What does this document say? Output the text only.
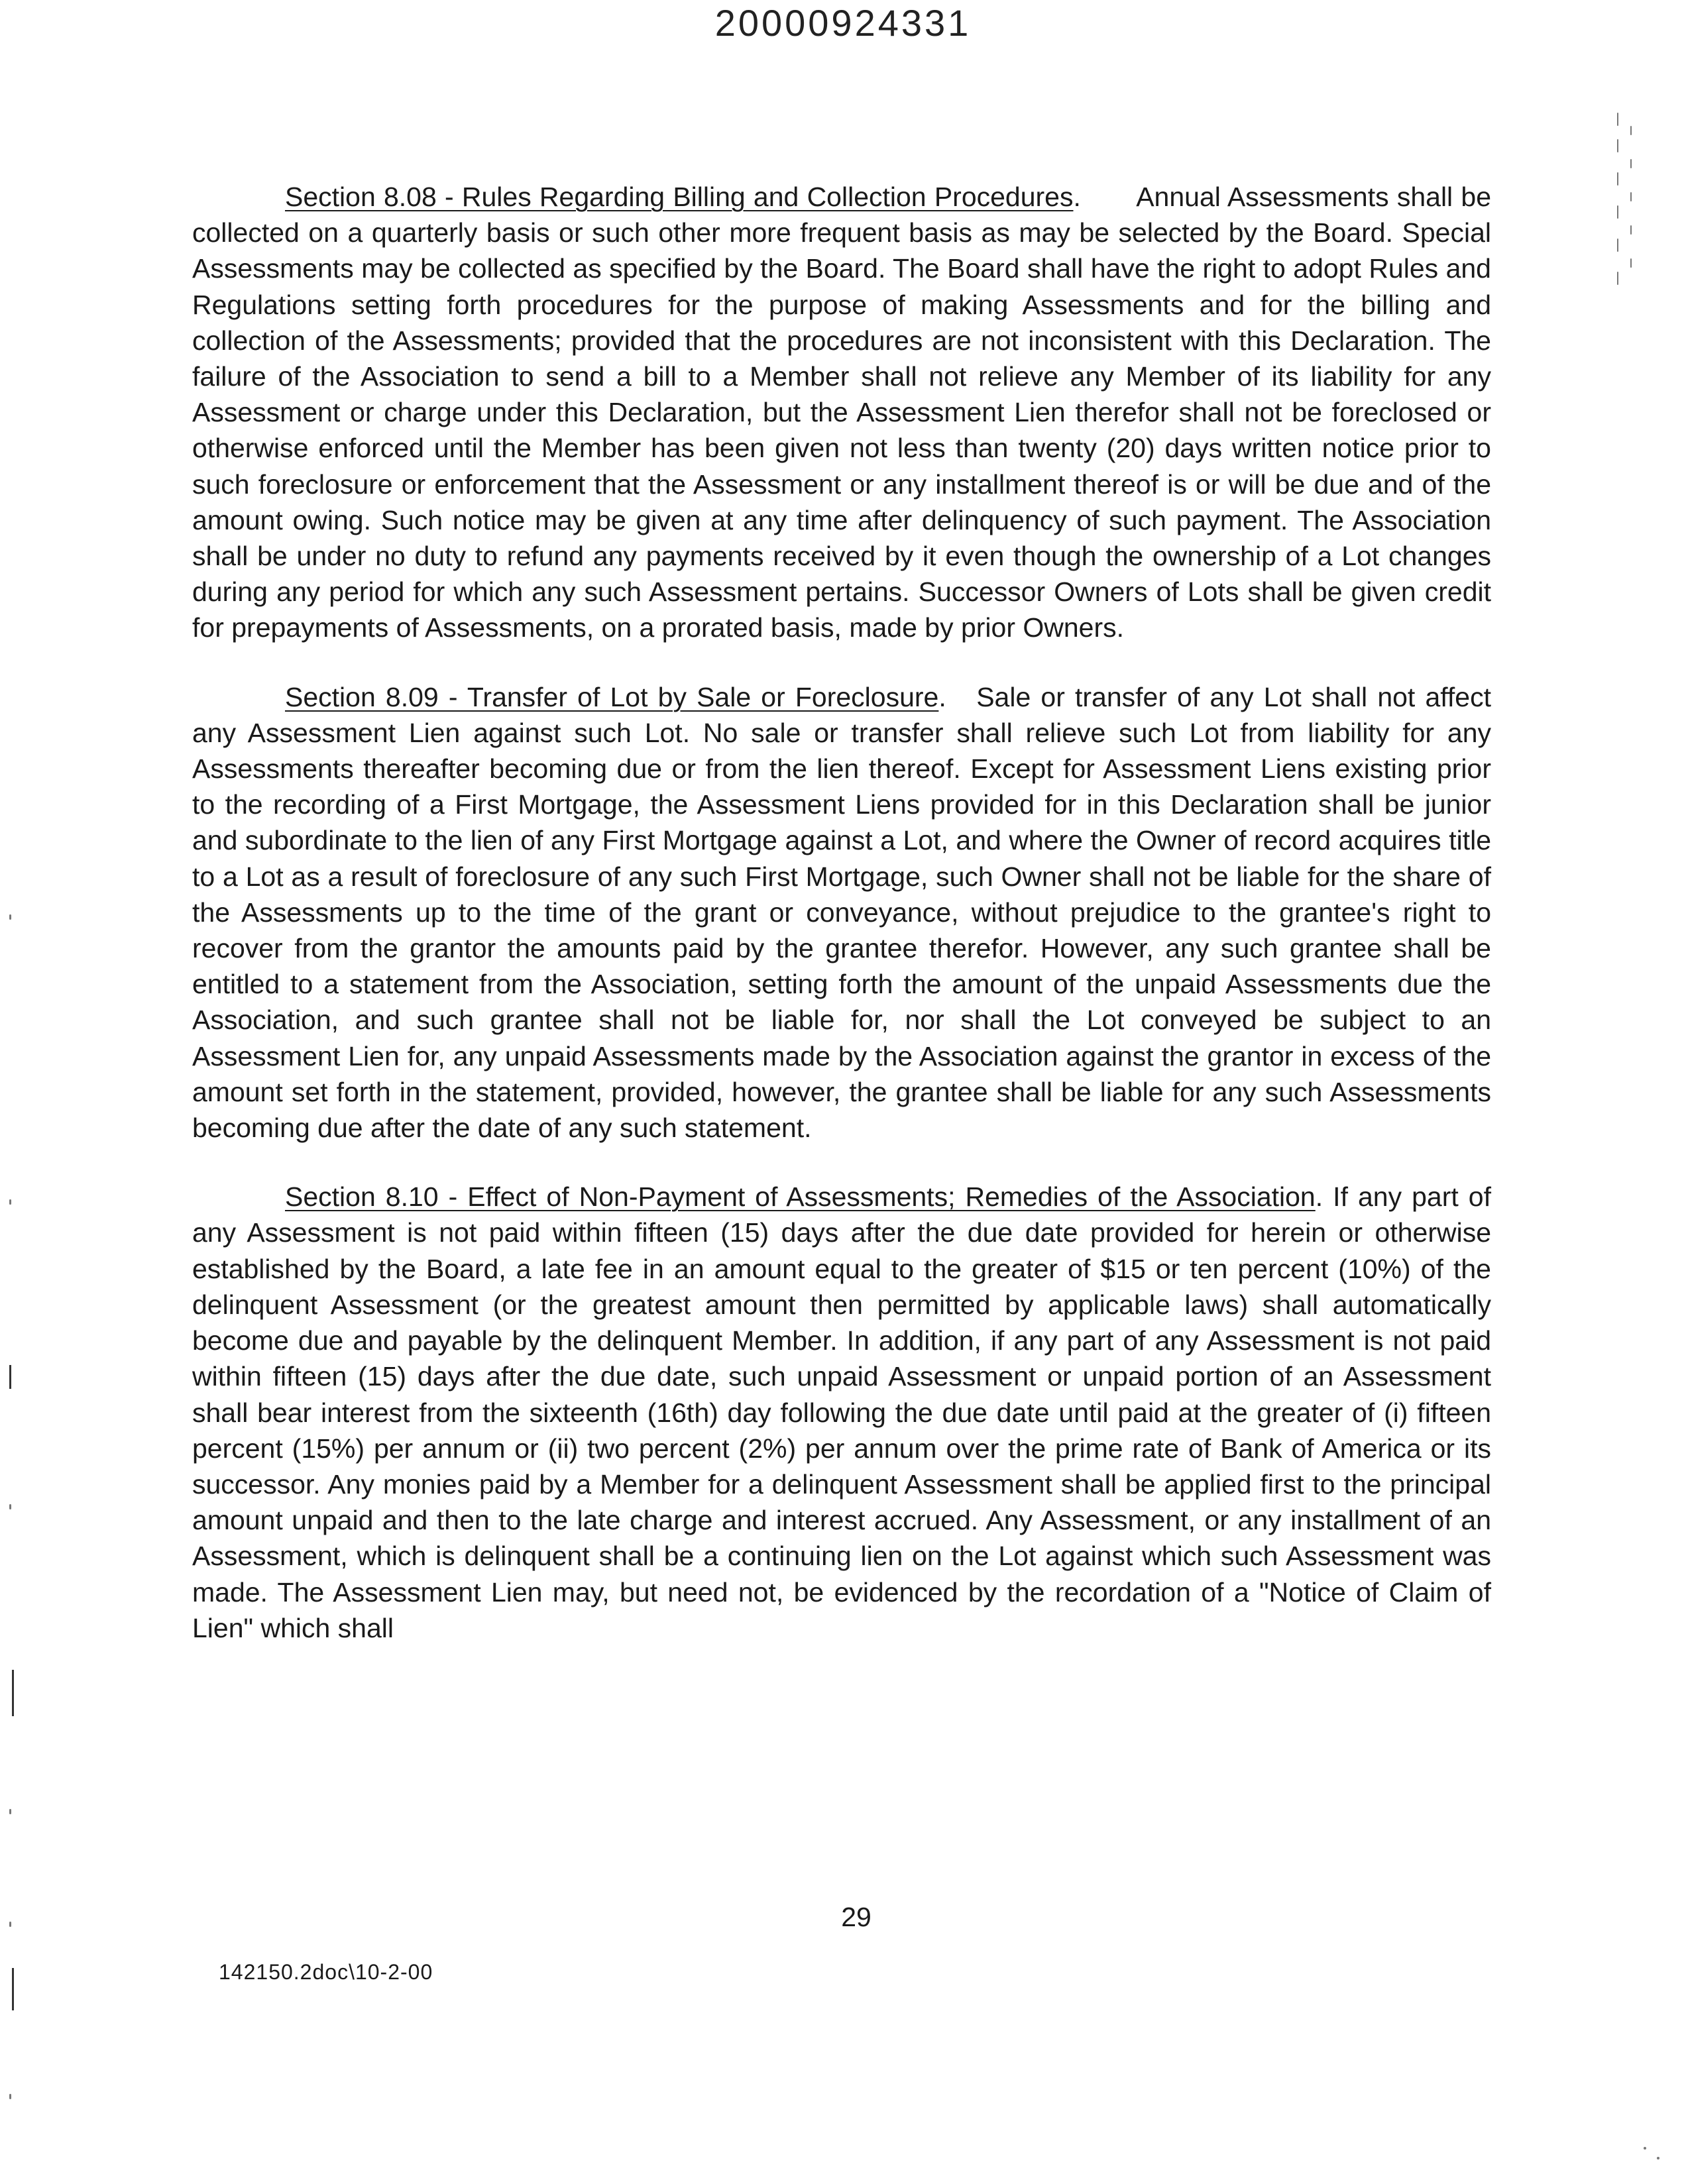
20000924331

Section 8.08 - Rules Regarding Billing and Collection Procedures.       Annual Assessments shall be collected on a quarterly basis or such other more frequent basis as may be selected by the Board. Special Assessments may be collected as specified by the Board. The Board shall have the right to adopt Rules and Regulations setting forth procedures for the purpose of making Assessments and for the billing and collection of the Assessments; provided that the procedures are not inconsistent with this Declaration. The failure of the Association to send a bill to a Member shall not relieve any Member of its liability for any Assessment or charge under this Declaration, but the Assessment Lien therefor shall not be foreclosed or otherwise enforced until the Member has been given not less than twenty (20) days written notice prior to such foreclosure or enforcement that the Assessment or any installment thereof is or will be due and of the amount owing. Such notice may be given at any time after delinquency of such payment. The Association shall be under no duty to refund any payments received by it even though the ownership of a Lot changes during any period for which any such Assessment pertains. Successor Owners of Lots shall be given credit for prepayments of Assessments, on a prorated basis, made by prior Owners.

Section 8.09 - Transfer of Lot by Sale or Foreclosure.   Sale or transfer of any Lot shall not affect any Assessment Lien against such Lot. No sale or transfer shall relieve such Lot from liability for any Assessments thereafter becoming due or from the lien thereof. Except for Assessment Liens existing prior to the recording of a First Mortgage, the Assessment Liens provided for in this Declaration shall be junior and subordinate to the lien of any First Mortgage against a Lot, and where the Owner of record acquires title to a Lot as a result of foreclosure of any such First Mortgage, such Owner shall not be liable for the share of the Assessments up to the time of the grant or conveyance, without prejudice to the grantee's right to recover from the grantor the amounts paid by the grantee therefor. However, any such grantee shall be entitled to a statement from the Association, setting forth the amount of the unpaid Assessments due the Association, and such grantee shall not be liable for, nor shall the Lot conveyed be subject to an Assessment Lien for, any unpaid Assessments made by the Association against the grantor in excess of the amount set forth in the statement, provided, however, the grantee shall be liable for any such Assessments becoming due after the date of any such statement.

Section 8.10 - Effect of Non-Payment of Assessments; Remedies of the Association. If any part of any Assessment is not paid within fifteen (15) days after the due date provided for herein or otherwise established by the Board, a late fee in an amount equal to the greater of $15 or ten percent (10%) of the delinquent Assessment (or the greatest amount then permitted by applicable laws) shall automatically become due and payable by the delinquent Member. In addition, if any part of any Assessment is not paid within fifteen (15) days after the due date, such unpaid Assessment or unpaid portion of an Assessment shall bear interest from the sixteenth (16th) day following the due date until paid at the greater of (i) fifteen percent (15%) per annum or (ii) two percent (2%) per annum over the prime rate of Bank of America or its successor. Any monies paid by a Member for a delinquent Assessment shall be applied first to the principal amount unpaid and then to the late charge and interest accrued. Any Assessment, or any installment of an Assessment, which is delinquent shall be a continuing lien on the Lot against which such Assessment was made. The Assessment Lien may, but need not, be evidenced by the recordation of a "Notice of Claim of Lien" which shall

29
142150.2doc\10-2-00
